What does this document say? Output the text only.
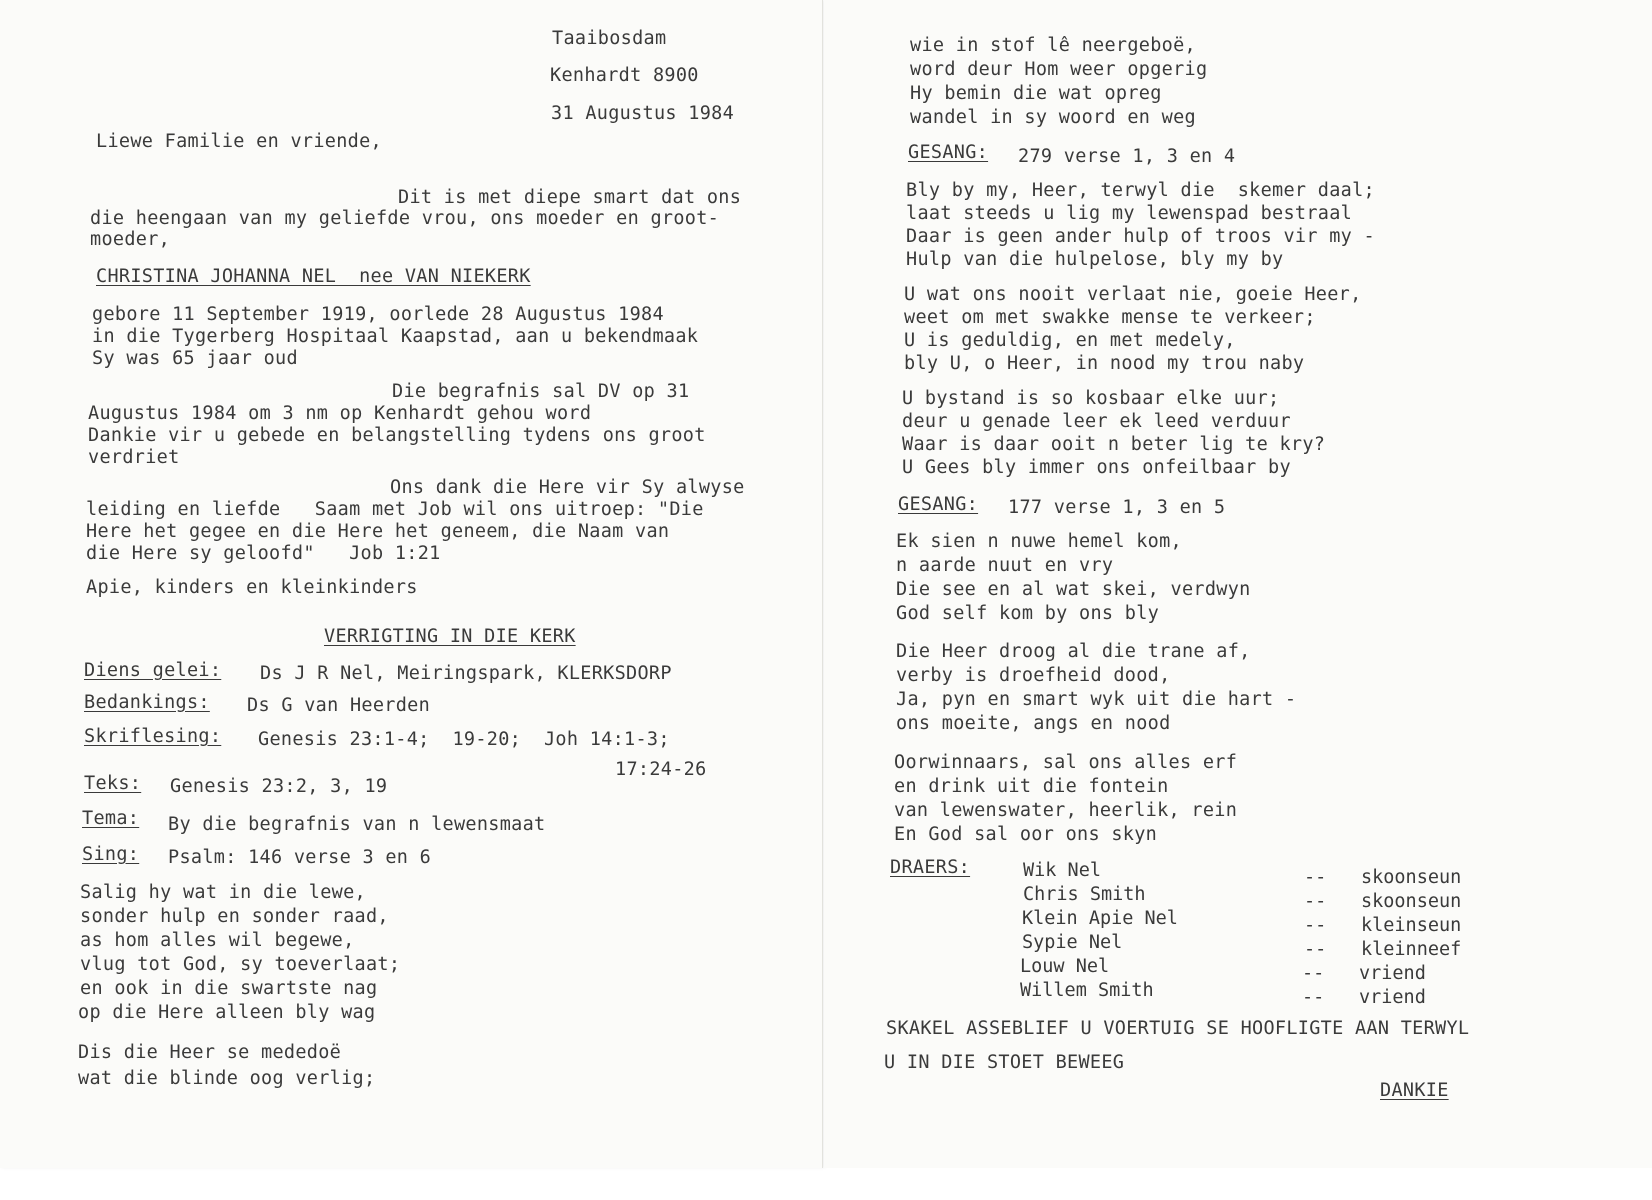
Taaibosdam
Kenhardt 8900
31 Augustus 1984
Liewe Familie en vriende,
Dit is met diepe smart dat ons
die heengaan van my geliefde vrou, ons moeder en groot-
moeder,
CHRISTINA JOHANNA NEL  nee VAN NIEKERK
gebore 11 September 1919, oorlede 28 Augustus 1984
in die Tygerberg Hospitaal Kaapstad, aan u bekendmaak
Sy was 65 jaar oud
Die begrafnis sal DV op 31
Augustus 1984 om 3 nm op Kenhardt gehou word
Dankie vir u gebede en belangstelling tydens ons groot
verdriet
Ons dank die Here vir Sy alwyse
leiding en liefde   Saam met Job wil ons uitroep: "Die
Here het gegee en die Here het geneem, die Naam van
die Here sy geloofd"   Job 1:21
Apie, kinders en kleinkinders
VERRIGTING IN DIE KERK
Diens gelei: Ds J R Nel, Meiringspark, KLERKSDORP
Bedankings: Ds G van Heerden
Skriflesing: Genesis 23:1-4;  19-20;  Joh 14:1-3;
17:24-26
Teks: Genesis 23:2, 3, 19
Tema: By die begrafnis van n lewensmaat
Sing: Psalm: 146 verse 3 en 6
Salig hy wat in die lewe,
sonder hulp en sonder raad,
as hom alles wil begewe,
vlug tot God, sy toeverlaat;
en ook in die swartste nag
op die Here alleen bly wag
Dis die Heer se mededoë
wat die blinde oog verlig;
wie in stof lê neergeboë,
word deur Hom weer opgerig
Hy bemin die wat opreg
wandel in sy woord en weg
GESANG: 279 verse 1, 3 en 4
Bly by my, Heer, terwyl die  skemer daal;
laat steeds u lig my lewenspad bestraal
Daar is geen ander hulp of troos vir my -
Hulp van die hulpelose, bly my by
U wat ons nooit verlaat nie, goeie Heer,
weet om met swakke mense te verkeer;
U is geduldig, en met medely,
bly U, o Heer, in nood my trou naby
U bystand is so kosbaar elke uur;
deur u genade leer ek leed verduur
Waar is daar ooit n beter lig te kry?
U Gees bly immer ons onfeilbaar by
GESANG: 177 verse 1, 3 en 5
Ek sien n nuwe hemel kom,
n aarde nuut en vry
Die see en al wat skei, verdwyn
God self kom by ons bly
Die Heer droog al die trane af,
verby is droefheid dood,
Ja, pyn en smart wyk uit die hart -
ons moeite, angs en nood
Oorwinnaars, sal ons alles erf
en drink uit die fontein
van lewenswater, heerlik, rein
En God sal oor ons skyn
DRAERS:	Wik Nel	-- skoonseun
Chris Smith	-- skoonseun
Klein Apie Nel	-- kleinseun
Sypie Nel	-- kleinneef
Louw Nel	-- vriend
Willem Smith	-- vriend
SKAKEL ASSEBLIEF U VOERTUIG SE HOOFLIGTE AAN TERWYL
U IN DIE STOET BEWEEG
DANKIE
